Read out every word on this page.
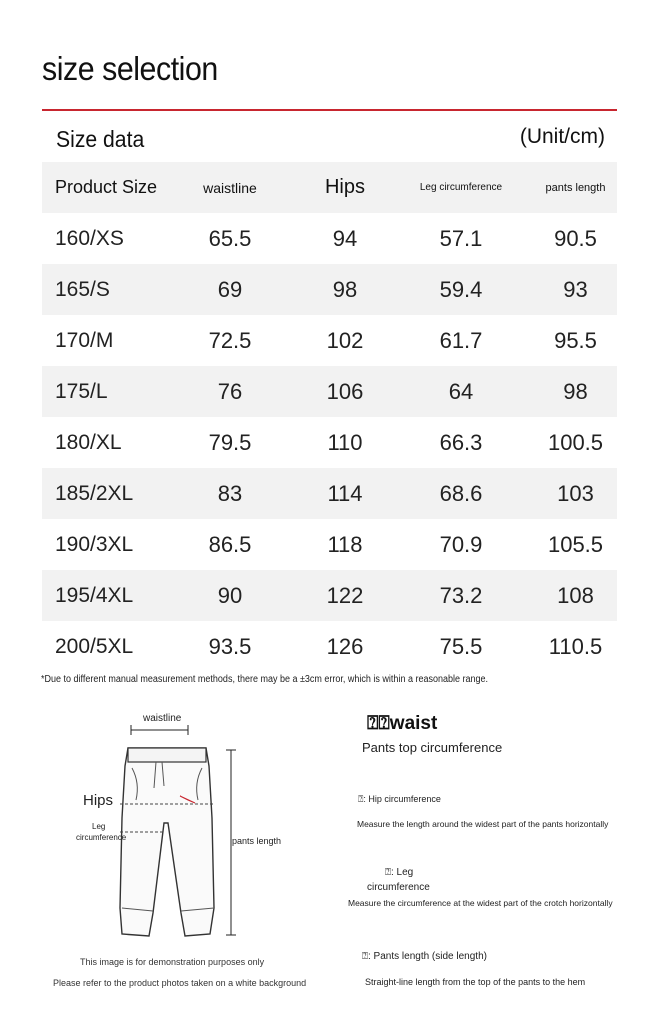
size selection
Size data	(Unit/cm)
Product Size	waistline	Hips	Leg circumference	pants length
160/XS	65.5	94	57.1	90.5
165/S	69	98	59.4	93
170/M	72.5	102	61.7	95.5
175/L	76	106	64	98
180/XL	79.5	110	66.3	100.5
185/2XL	83	114	68.6	103
190/3XL	86.5	118	70.9	105.5
195/4XL	90	122	73.2	108
200/5XL	93.5	126	75.5	110.5
*Due to different manual measurement methods, there may be a ±3cm error, which is within a reasonable range.
waistline
Hips
Leg
circumference	pants length
This image is for demonstration purposes only
Please refer to the product photos taken on a white background
⍰⍰waist
Pants top circumference
⍰: Hip circumference
Measure the length around the widest part of the pants horizontally
⍰: Leg
circumference
Measure the circumference at the widest part of the crotch horizontally
⍰: Pants length (side length)
Straight-line length from the top of the pants to the hem
